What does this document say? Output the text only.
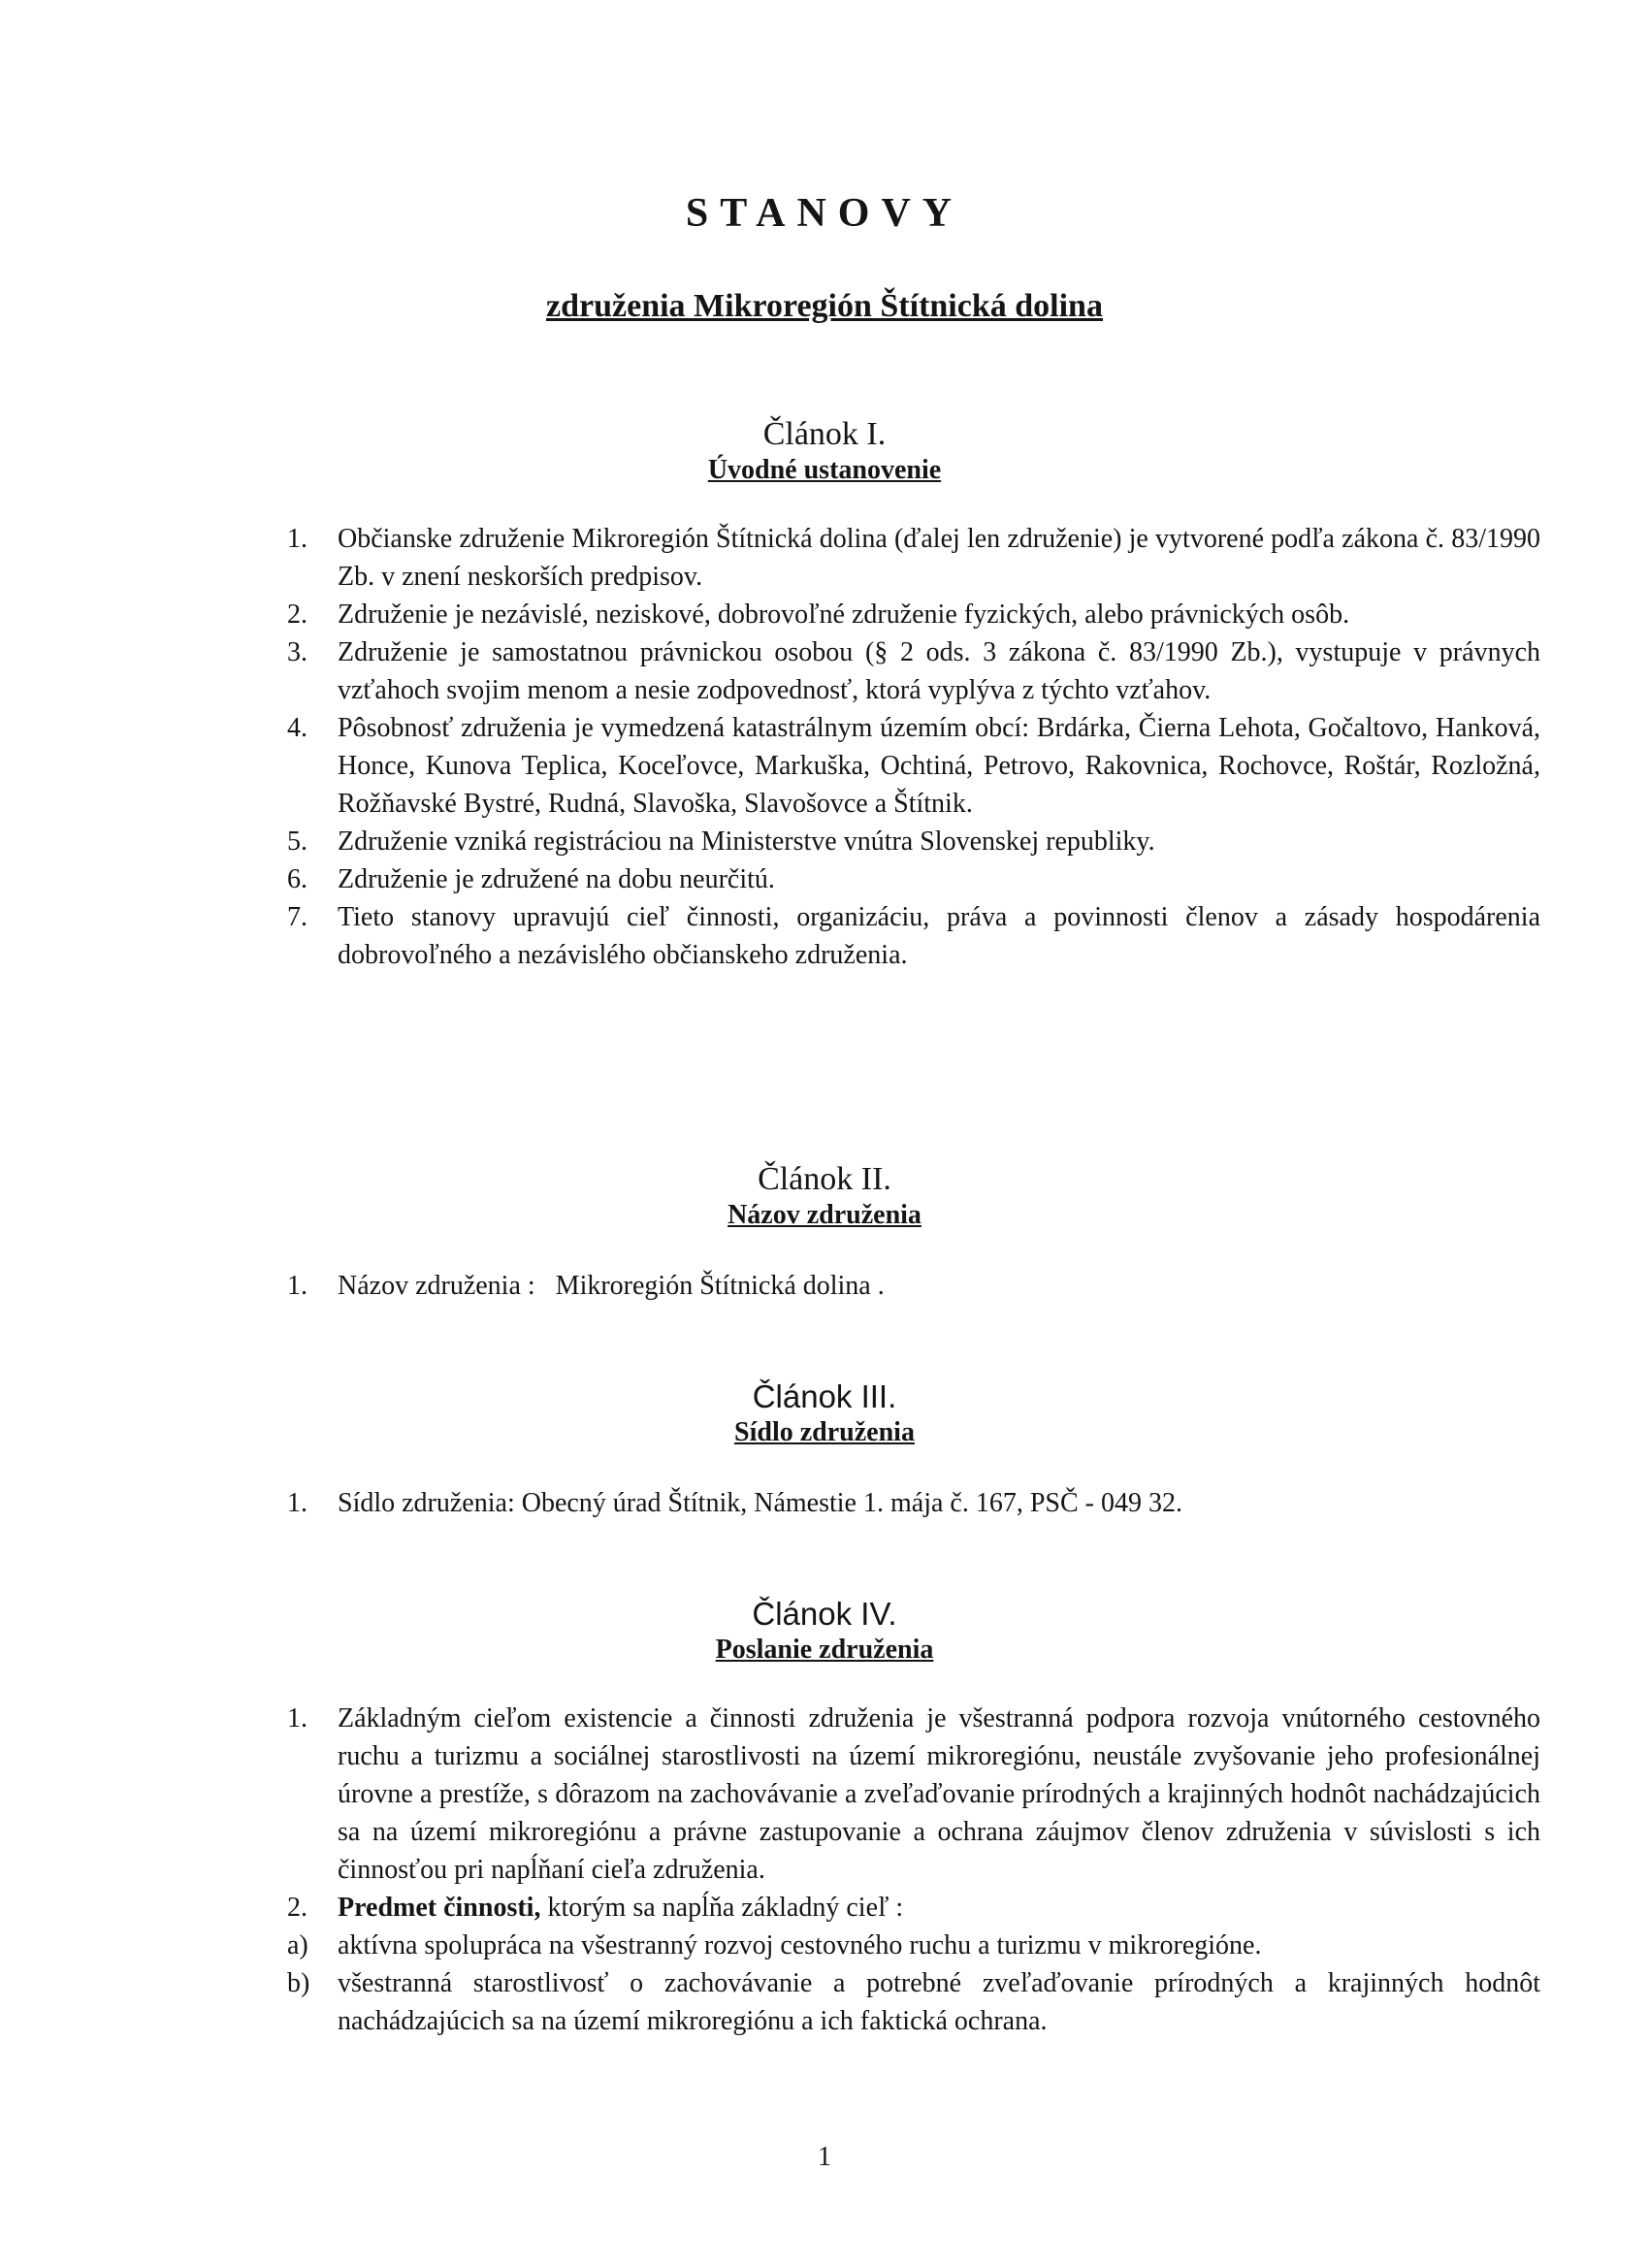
STANOVY
združenia Mikroregión Štítnická dolina
Článok I.
Úvodné ustanovenie
1. Občianske združenie Mikroregión Štítnická dolina (ďalej len združenie) je vytvorené podľa zákona č. 83/1990 Zb. v znení neskorších predpisov.
2. Združenie je nezávislé, neziskové, dobrovoľné združenie fyzických, alebo právnických osôb.
3. Združenie je samostatnou právnickou osobou (§ 2 ods. 3 zákona č. 83/1990 Zb.), vystupuje v právnych vzťahoch svojim menom a nesie zodpovednosť, ktorá vyplýva z týchto vzťahov.
4. Pôsobnosť združenia je vymedzená katastrálnym územím obcí: Brdárka, Čierna Lehota, Gočaltovo, Hanková, Honce, Kunova Teplica, Koceľovce, Markuška, Ochtiná, Petrovo, Rakovnica, Rochovce, Roštár, Rozložná, Rožňavské Bystré, Rudná, Slavoška, Slavošovce a Štítnik.
5. Združenie vzniká registráciou na Ministerstve vnútra Slovenskej republiky.
6. Združenie je združené na dobu neurčitú.
7. Tieto stanovy upravujú cieľ činnosti, organizáciu, práva a povinnosti členov a zásady hospodárenia dobrovoľného a nezávislého občianskeho združenia.
Článok II.
Názov združenia
1. Názov združenia :   Mikroregión Štítnická dolina .
Článok III.
Sídlo združenia
1. Sídlo združenia: Obecný úrad Štítnik, Námestie 1. mája č. 167, PSČ - 049 32.
Článok IV.
Poslanie združenia
1. Základným cieľom existencie a činnosti združenia je všestranná podpora rozvoja vnútorného cestovného ruchu a turizmu a sociálnej starostlivosti na území mikroregiónu, neustále zvyšovanie jeho profesionálnej úrovne a prestíže, s dôrazom na zachovávanie a zveľaďovanie prírodných a krajinných hodnôt nachádzajúcich sa na území mikroregiónu a právne zastupovanie a ochrana záujmov členov združenia v súvislosti s ich činnosťou pri napĺňaní cieľa združenia.
2. Predmet činnosti, ktorým sa napĺňa základný cieľ :
a) aktívna spolupráca na všestranný rozvoj cestovného ruchu a turizmu v mikroregióne.
b) všestranná starostlivosť o zachovávanie a potrebné zveľaďovanie prírodných a krajinných hodnôt nachádzajúcich sa na území mikroregiónu a ich faktická ochrana.
1
